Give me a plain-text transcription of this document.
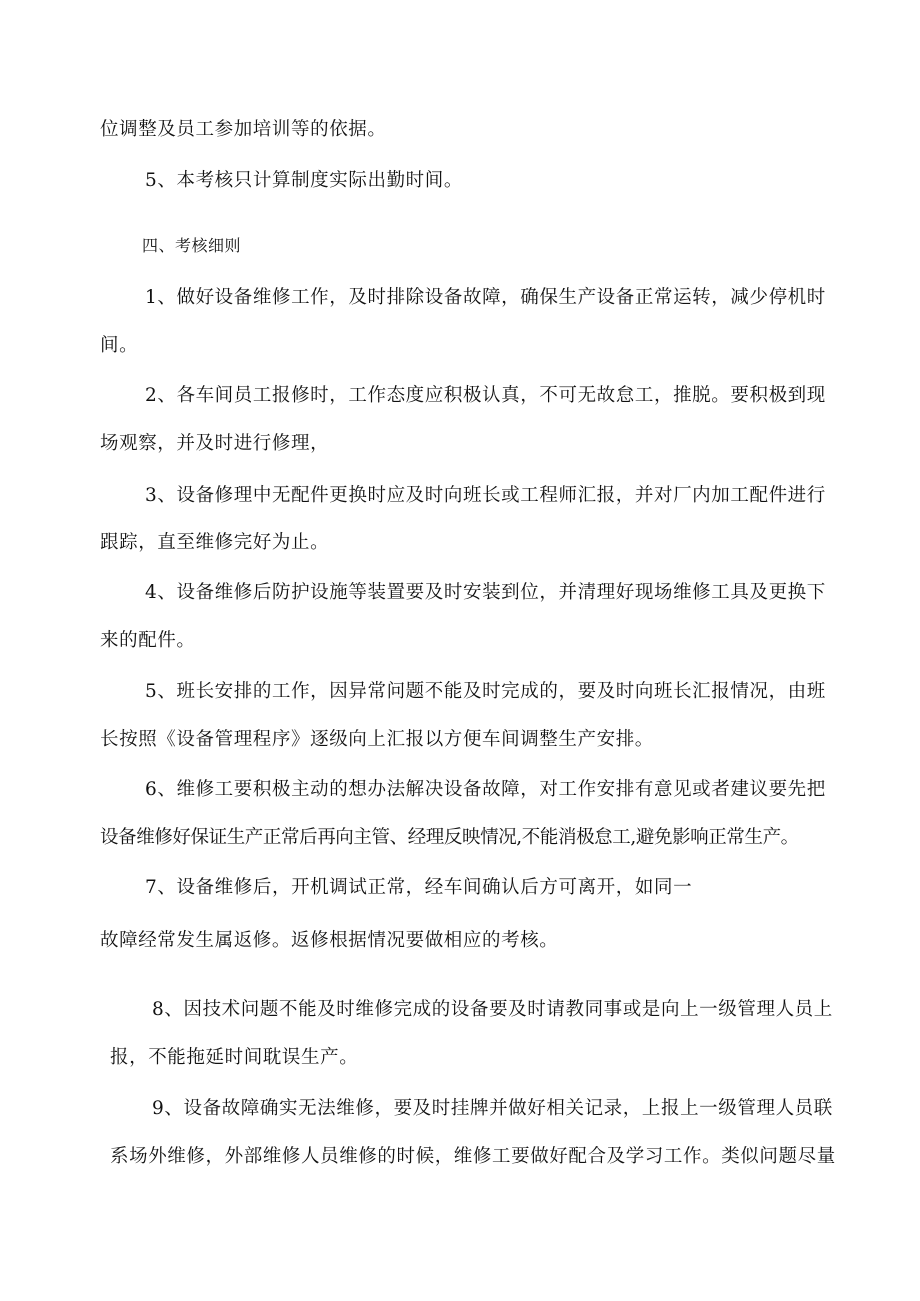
位调整及员工参加培训等的依据。
5、本考核只计算制度实际出勤时间。
四、考核细则
1、做好设备维修工作，及时排除设备故障，确保生产设备正常运转，减少停机时
间。
2、各车间员工报修时，工作态度应积极认真，不可无故怠工，推脱。要积极到现
场观察，并及时进行修理，
3、设备修理中无配件更换时应及时向班长或工程师汇报，并对厂内加工配件进行
跟踪，直至维修完好为止。
4、设备维修后防护设施等装置要及时安装到位，并清理好现场维修工具及更换下
来的配件。
5、班长安排的工作，因异常问题不能及时完成的，要及时向班长汇报情况，由班
长按照《设备管理程序》逐级向上汇报以方便车间调整生产安排。
6、维修工要积极主动的想办法解决设备故障，对工作安排有意见或者建议要先把
设备维修好保证生产正常后再向主管、经理反映情况,不能消极怠工,避免影响正常生产。
7、设备维修后，开机调试正常，经车间确认后方可离开，如同一
故障经常发生属返修。返修根据情况要做相应的考核。
8、因技术问题不能及时维修完成的设备要及时请教同事或是向上一级管理人员上
报，不能拖延时间耽误生产。
9、设备故障确实无法维修，要及时挂牌并做好相关记录，上报上一级管理人员联
系场外维修，外部维修人员维修的时候，维修工要做好配合及学习工作。类似问题尽量
